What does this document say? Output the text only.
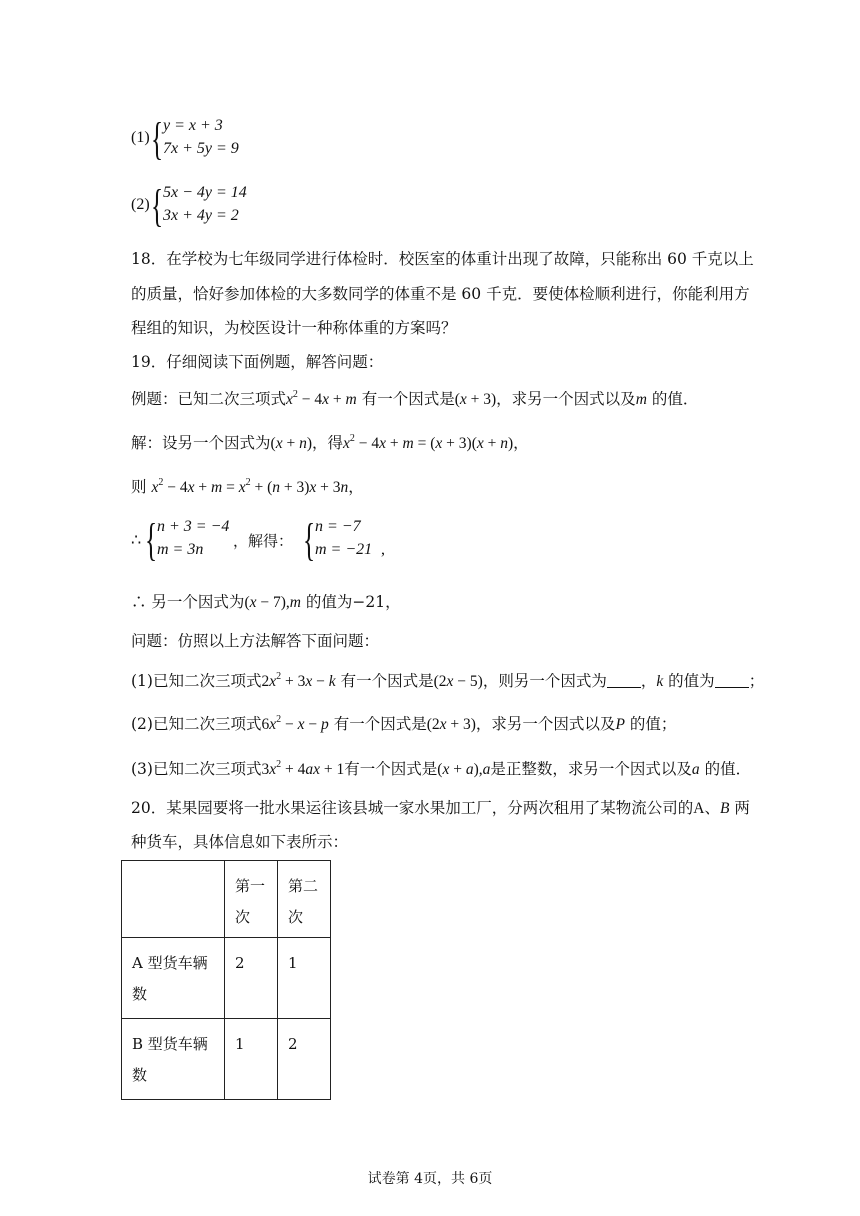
(1) { y = x + 3
7x + 5y = 9
(2) { 5x − 4y = 14
3x + 4y = 2
18．在学校为七年级同学进行体检时．校医室的体重计出现了故障，只能称出 60 千克以上
的质量，恰好参加体检的大多数同学的体重不是 60 千克．要使体检顺利进行，你能利用方
程组的知识，为校医设计一种称体重的方案吗？
19．仔细阅读下面例题，解答问题：
例题：已知二次三项式$x^2 - 4x + m$ 有一个因式是(x + 3)，求另一个因式以及m 的值．
解：设另一个因式为(x + n)，得$x^2 - 4x + m = (x + 3)(x + n)$，
则 $x^2 - 4x + m = x^2 + (n + 3)x + 3n$，
∴ { n + 3 = −4
m = 3n ，解得： { n = −7
m = −21 ,
∴ 另一个因式为(x − 7),m 的值为−21，
问题：仿照以上方法解答下面问题：
(1)已知二次三项式$2x^2 + 3x - k$ 有一个因式是(2x − 5)，则另一个因式为 ，k 的值为 ；
(2)已知二次三项式$6x^2 - x - p$ 有一个因式是(2x + 3)，求另一个因式以及P 的值；
(3)已知二次三项式$3x^2 + 4ax + 1$有一个因式是(x + a),a是正整数，求另一个因式以及a 的值．
20．某果园要将一批水果运往该县城一家水果加工厂，分两次租用了某物流公司的A、B 两
种货车，具体信息如下表所示：
	第一次	第二次
A 型货车辆数	2	1
B 型货车辆数	1	2
试卷第 4页，共 6页
